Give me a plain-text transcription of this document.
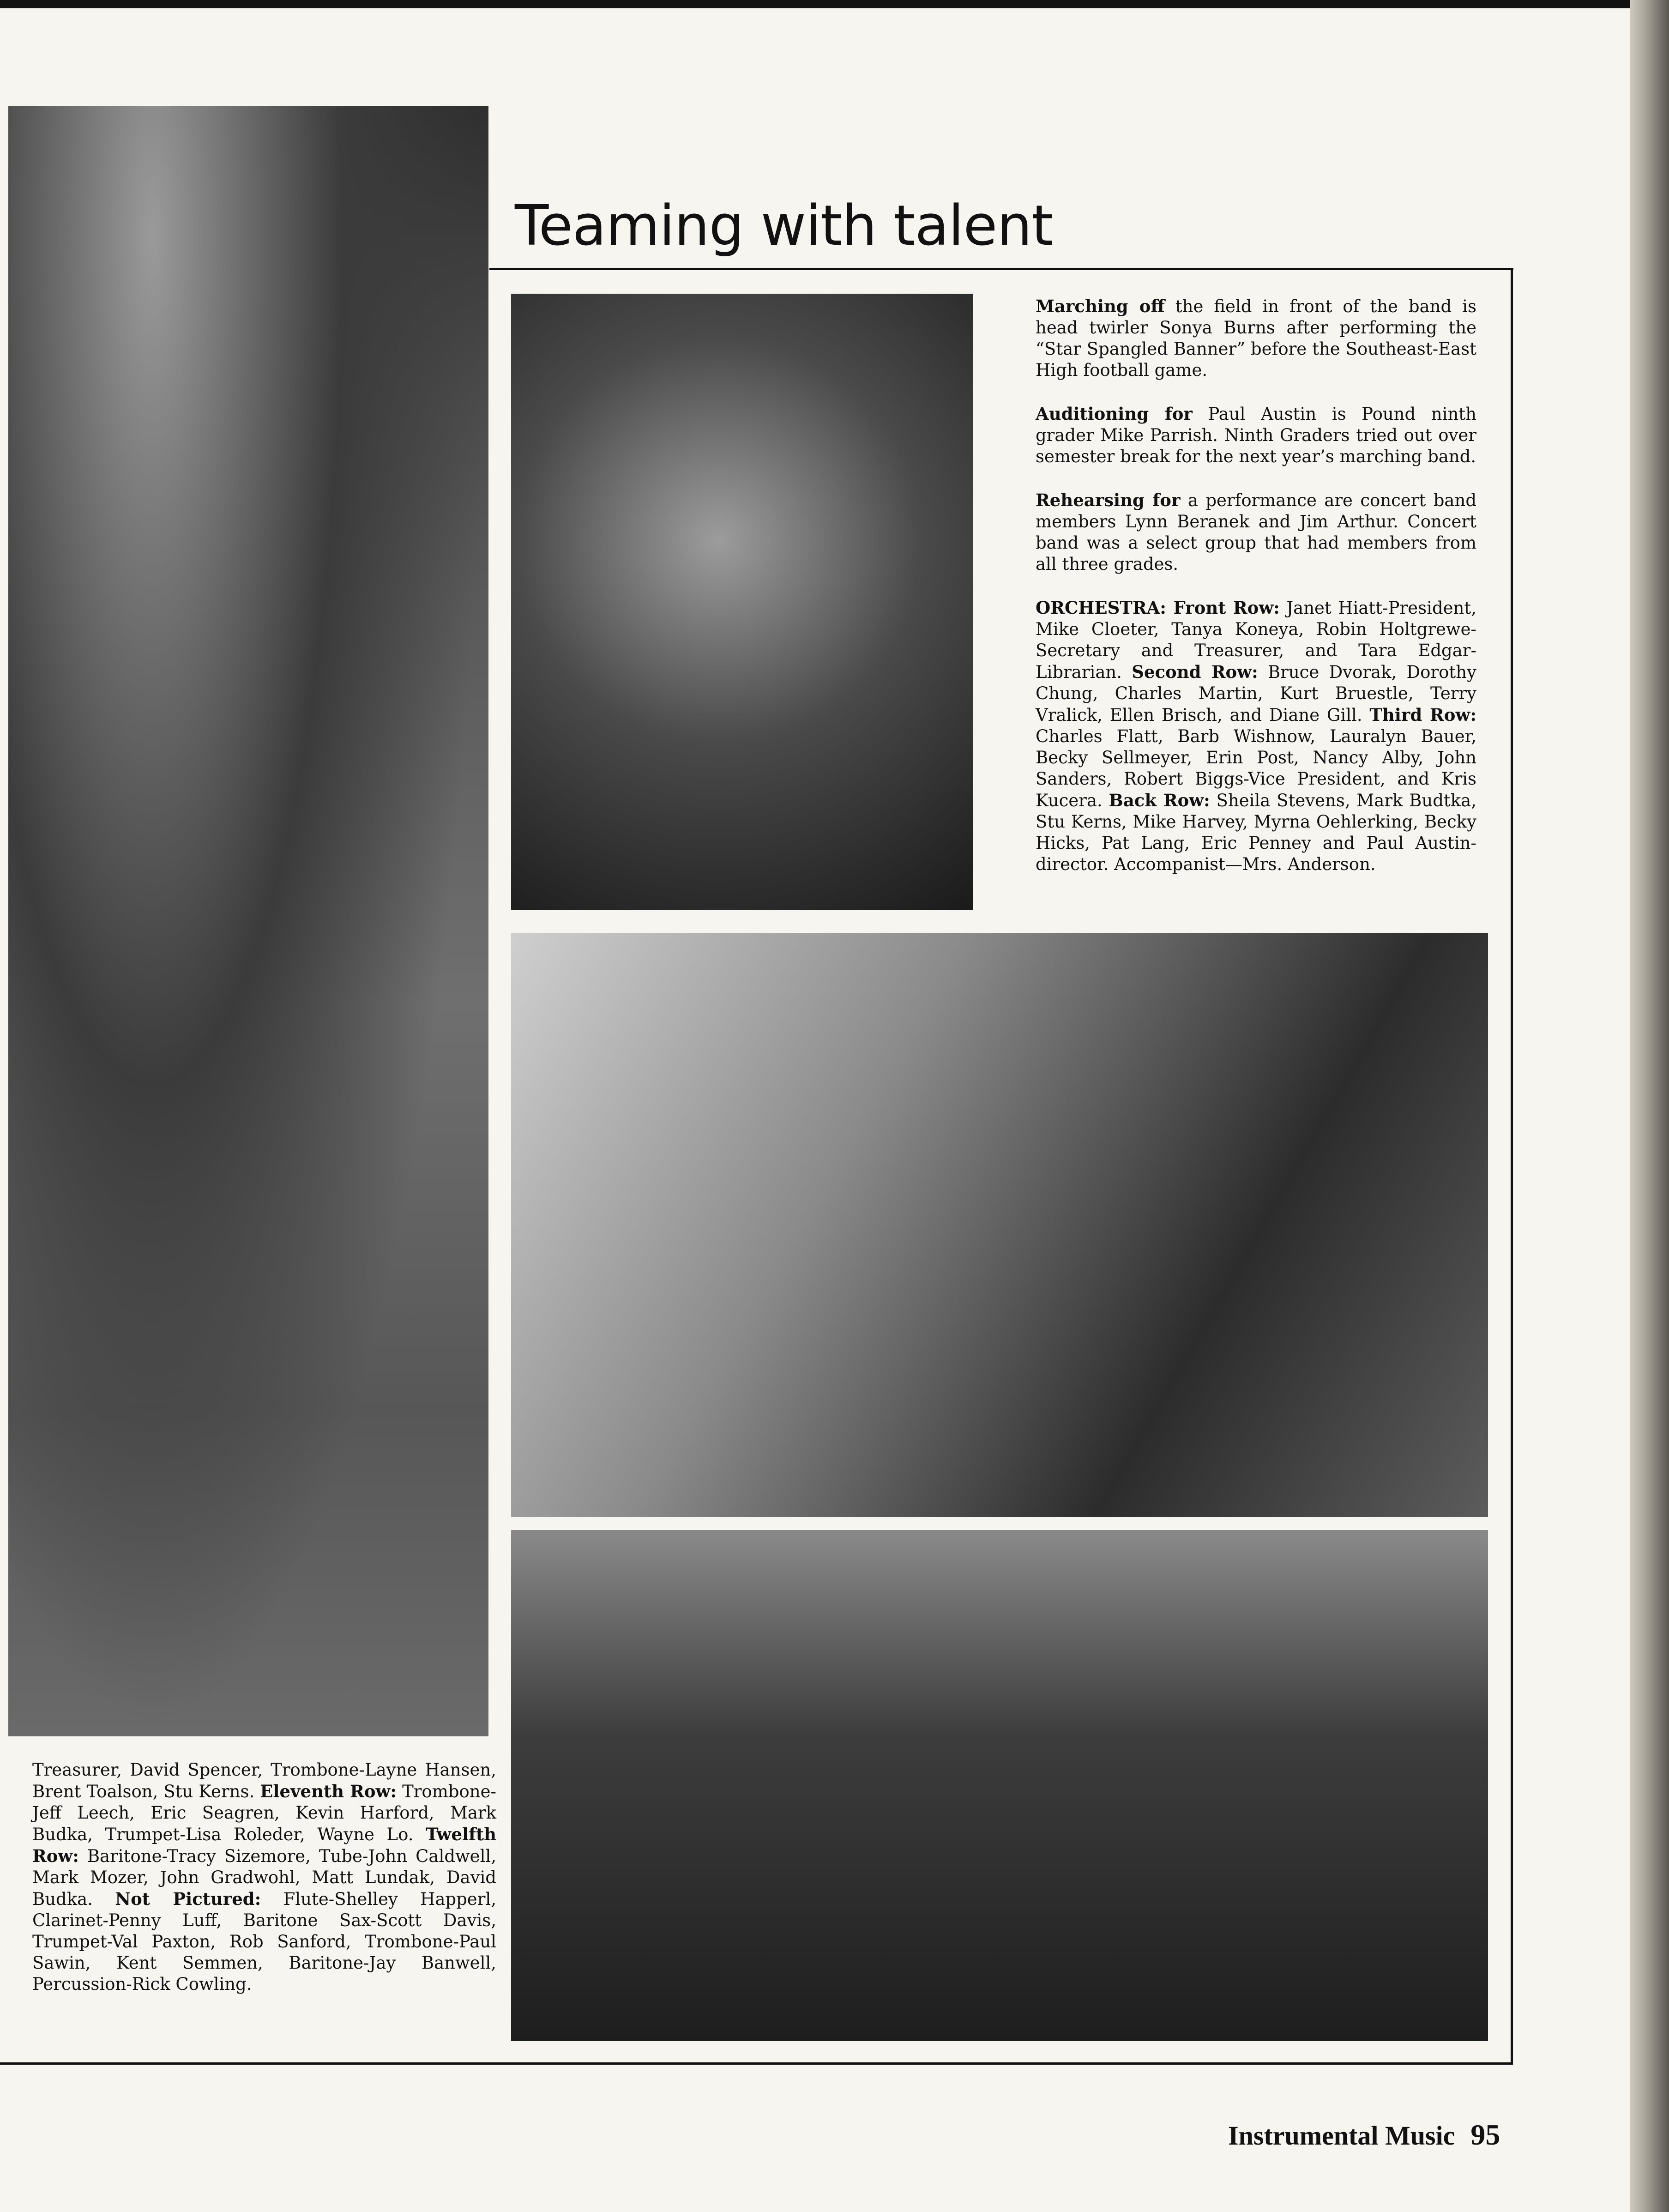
Teaming with talent

Marching off the field in front of the band is head twirler Sonya Burns after performing the “Star Spangled Banner” before the Southeast-East High football game.

Auditioning for Paul Austin is Pound ninth grader Mike Parrish. Ninth Graders tried out over semester break for the next year’s marching band.

Rehearsing for a performance are concert band members Lynn Beranek and Jim Arthur. Concert band was a select group that had members from all three grades.

ORCHESTRA: Front Row: Janet Hiatt-President, Mike Cloeter, Tanya Koneya, Robin Holtgrewe-Secretary and Treasurer, and Tara Edgar-Librarian. Second Row: Bruce Dvorak, Dorothy Chung, Charles Martin, Kurt Bruestle, Terry Vralick, Ellen Brisch, and Diane Gill. Third Row: Charles Flatt, Barb Wishnow, Lauralyn Bauer, Becky Sellmeyer, Erin Post, Nancy Alby, John Sanders, Robert Biggs-Vice President, and Kris Kucera. Back Row: Sheila Stevens, Mark Budtka, Stu Kerns, Mike Harvey, Myrna Oehlerking, Becky Hicks, Pat Lang, Eric Penney and Paul Austin-director. Accompanist—Mrs. Anderson.

Treasurer, David Spencer, Trombone-Layne Hansen, Brent Toalson, Stu Kerns. Eleventh Row: Trombone-Jeff Leech, Eric Seagren, Kevin Harford, Mark Budka, Trumpet-Lisa Roleder, Wayne Lo. Twelfth Row: Baritone-Tracy Sizemore, Tube-John Caldwell, Mark Mozer, John Gradwohl, Matt Lundak, David Budka. Not Pictured: Flute-Shelley Happerl, Clarinet-Penny Luff, Baritone Sax-Scott Davis, Trumpet-Val Paxton, Rob Sanford, Trombone-Paul Sawin, Kent Semmen, Baritone-Jay Banwell, Percussion-Rick Cowling.

Instrumental Music 95
